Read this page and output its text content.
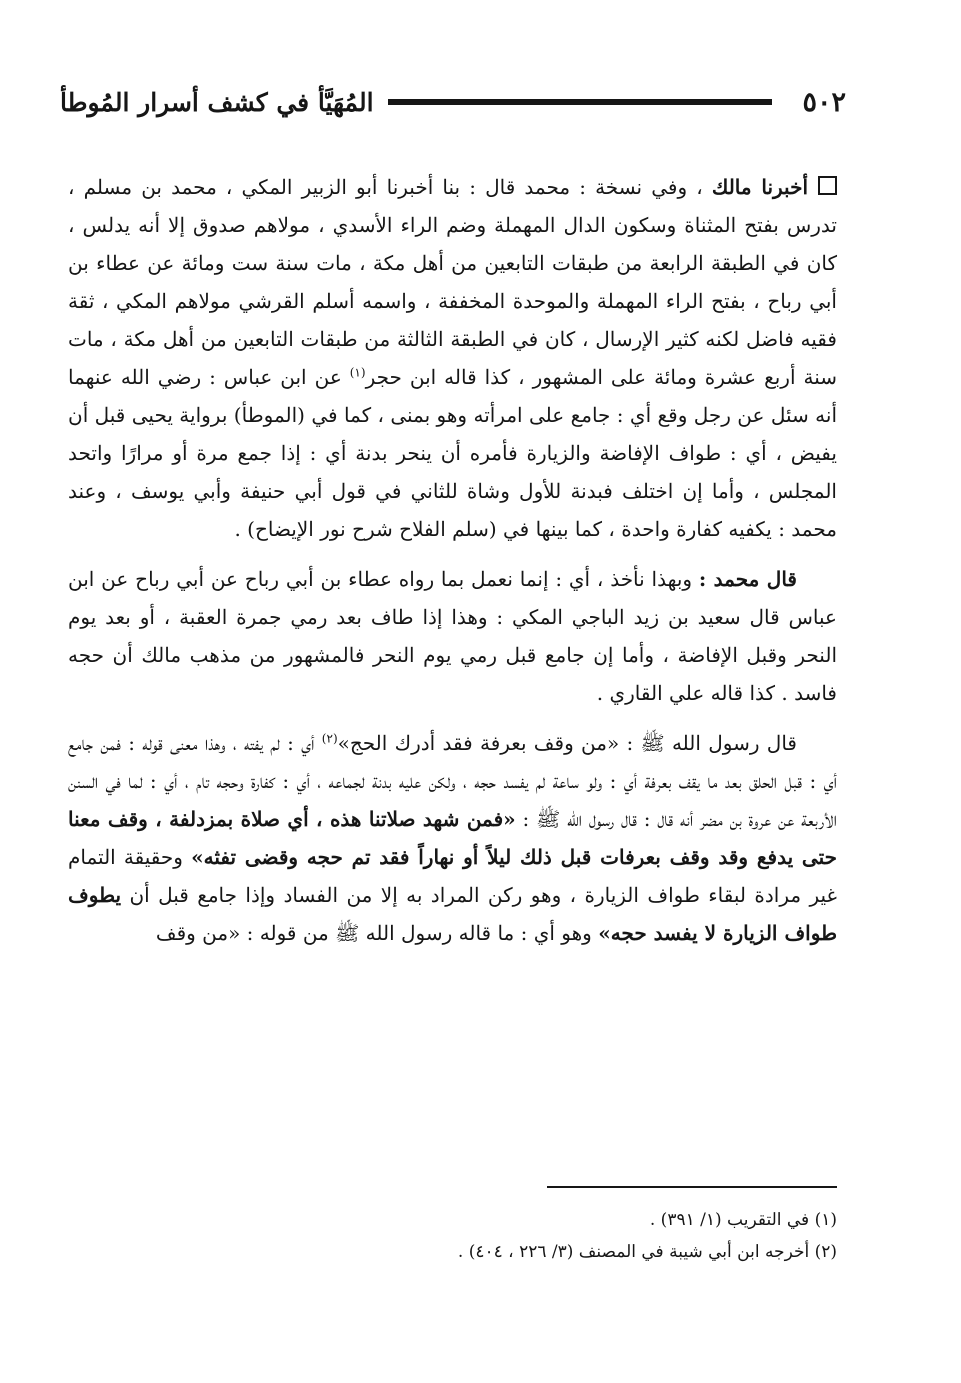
٥٠٢
المُهَيَّأ في كشف أسرار المُوطأ

أخبرنا مالك ، وفي نسخة : محمد قال : بنا أخبرنا أبو الزبير المكي ، محمد بن مسلم ، تدرس بفتح المثناة وسكون الدال المهملة وضم الراء الأسدي ، مولاهم صدوق إلا أنه يدلس ، كان في الطبقة الرابعة من طبقات التابعين من أهل مكة ، مات سنة ست ومائة عن عطاء بن أبي رباح ، بفتح الراء المهملة والموحدة المخففة ، واسمه أسلم القرشي مولاهم المكي ، ثقة فقيه فاضل لكنه كثير الإرسال ، كان في الطبقة الثالثة من طبقات التابعين من أهل مكة ، مات سنة أربع عشرة ومائة على المشهور ، كذا قاله ابن حجر$^{(١)}$ عن ابن عباس : رضي الله عنهما أنه سئل عن رجل وقع أي : جامع على امرأته وهو بمنى ، كما في (الموطأ) برواية يحيى قبل أن يفيض ، أي : طواف الإفاضة والزيارة فأمره أن ينحر بدنة أي : إذا جمع مرة أو مرارًا واتحد المجلس ، وأما إن اختلف فبدنة للأول وشاة للثاني في قول أبي حنيفة وأبي يوسف ، وعند محمد : يكفيه كفارة واحدة ، كما بينها في (سلم الفلاح شرح نور الإيضاح) .

قال محمد : وبهذا نأخذ ، أي : إنما نعمل بما رواه عطاء بن أبي رباح عن أبي رباح عن ابن عباس قال سعيد بن زيد الباجي المكي : وهذا إذا طاف بعد رمي جمرة العقبة ، أو بعد يوم النحر وقبل الإفاضة ، وأما إن جامع قبل رمي يوم النحر فالمشهور من مذهب مالك أن حجه فاسد . كذا قاله علي القاري .

قال رسول الله ﷺ : «من وقف بعرفة فقد أدرك الحج»$^{(٢)}$ أي : لم يفته ، وهذا معنى قوله : فمن جامع أي : قبل الحلق بعد ما يقف بعرفة أي : ولو ساعة لم يفسد حجه ، ولكن عليه بدنة لجماعه ، أي : كفارة وحجه تام ، أي : لما في السنن الأربعة عن عروة بن مضر أنه قال : قال رسول الله ﷺ : «فمن شهد صلاتنا هذه ، أي صلاة بمزدلفة ، وقف معنا حتى يدفع وقد وقف بعرفات قبل ذلك ليلاً أو نهاراً فقد تم حجه وقضى تفثه» وحقيقة التمام غير مرادة لبقاء طواف الزيارة ، وهو ركن المراد به إلا من الفساد وإذا جامع قبل أن يطوف طواف الزيارة لا يفسد حجه» وهو أي : ما قاله رسول الله ﷺ من قوله : «من وقف

(١) في التقريب (١/ ٣٩١) .
(٢) أخرجه ابن أبي شيبة في المصنف (٣/ ٢٢٦ ، ٤٠٤) .
